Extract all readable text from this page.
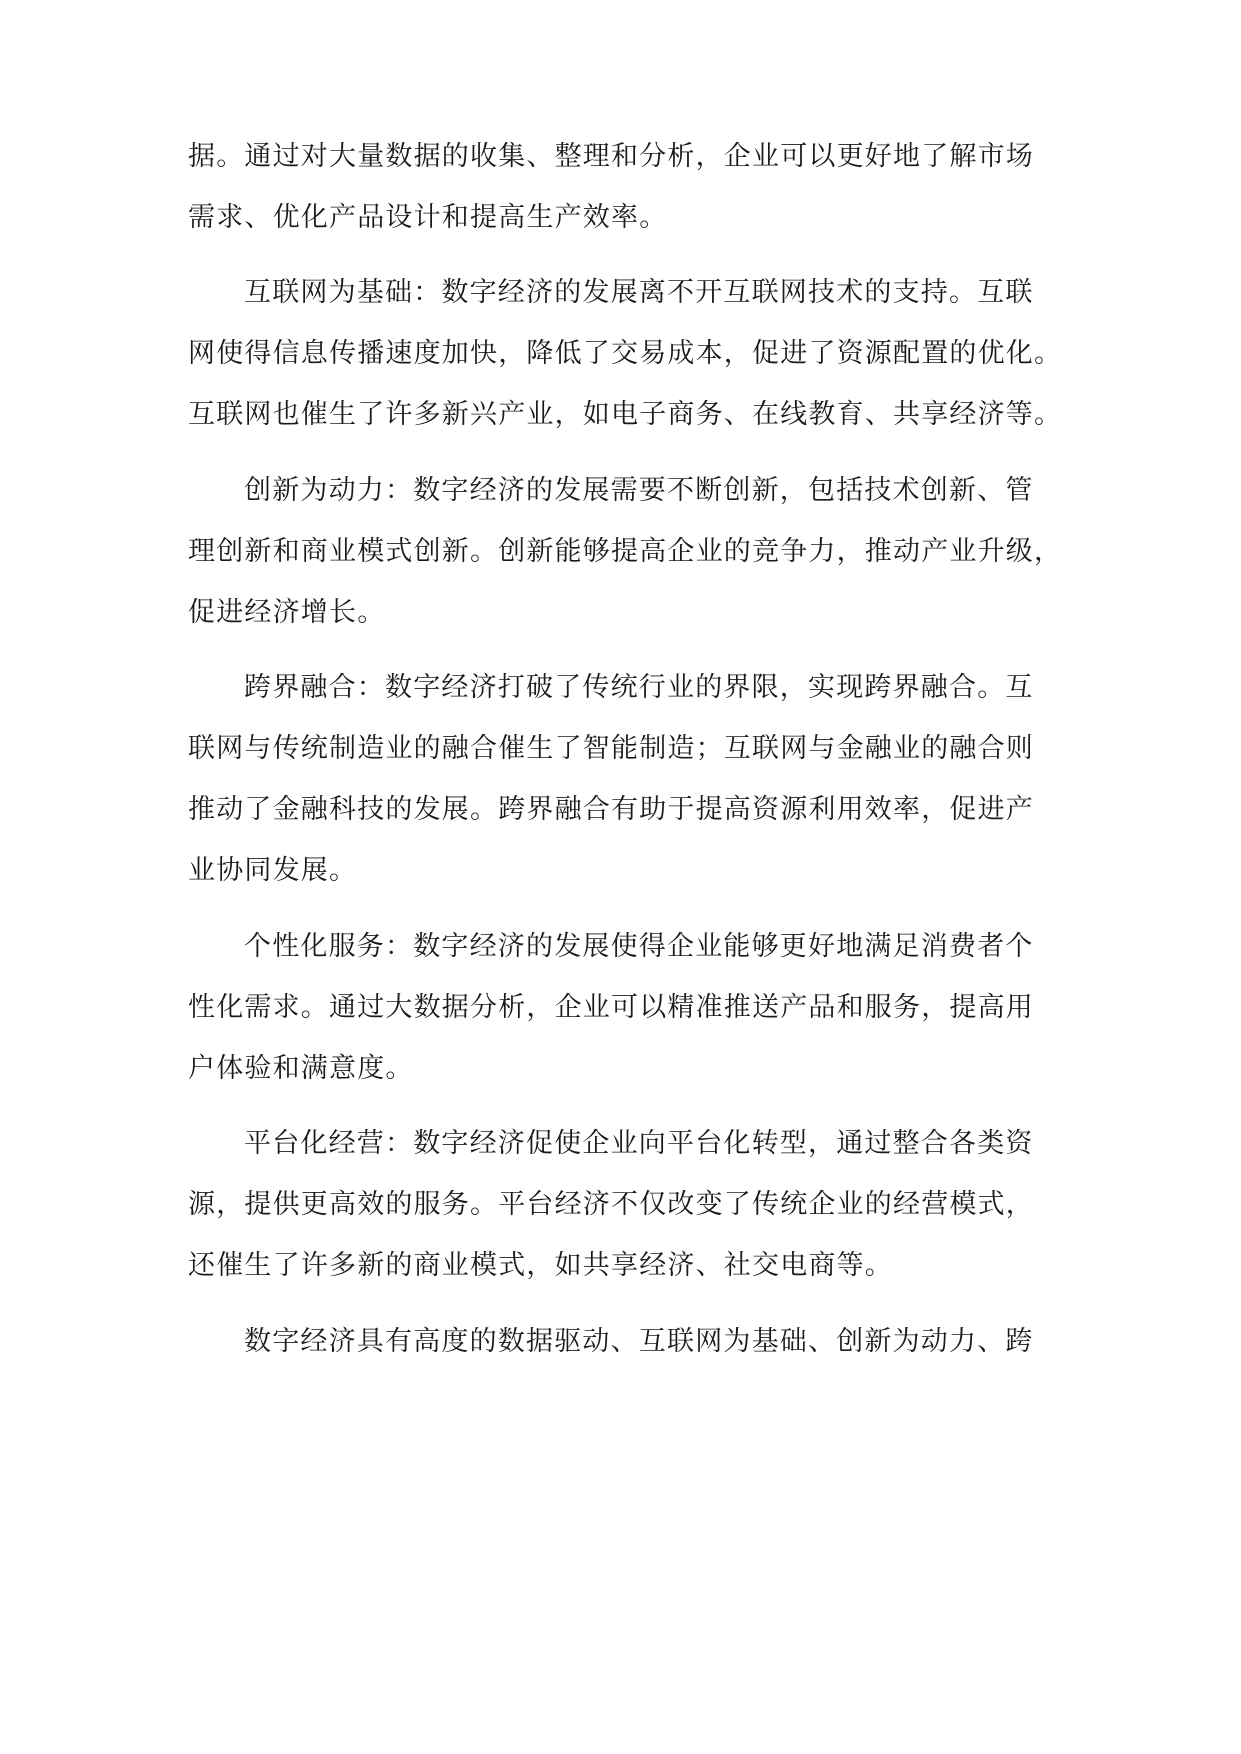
据。通过对大量数据的收集、整理和分析，企业可以更好地了解市场

需求、优化产品设计和提高生产效率。

互联网为基础：数字经济的发展离不开互联网技术的支持。互联

网使得信息传播速度加快，降低了交易成本，促进了资源配置的优化。

互联网也催生了许多新兴产业，如电子商务、在线教育、共享经济等。

创新为动力：数字经济的发展需要不断创新，包括技术创新、管

理创新和商业模式创新。创新能够提高企业的竞争力，推动产业升级，

促进经济增长。

跨界融合：数字经济打破了传统行业的界限，实现跨界融合。互

联网与传统制造业的融合催生了智能制造；互联网与金融业的融合则

推动了金融科技的发展。跨界融合有助于提高资源利用效率，促进产

业协同发展。

个性化服务：数字经济的发展使得企业能够更好地满足消费者个

性化需求。通过大数据分析，企业可以精准推送产品和服务，提高用

户体验和满意度。

平台化经营：数字经济促使企业向平台化转型，通过整合各类资

源，提供更高效的服务。平台经济不仅改变了传统企业的经营模式，

还催生了许多新的商业模式，如共享经济、社交电商等。

数字经济具有高度的数据驱动、互联网为基础、创新为动力、跨
